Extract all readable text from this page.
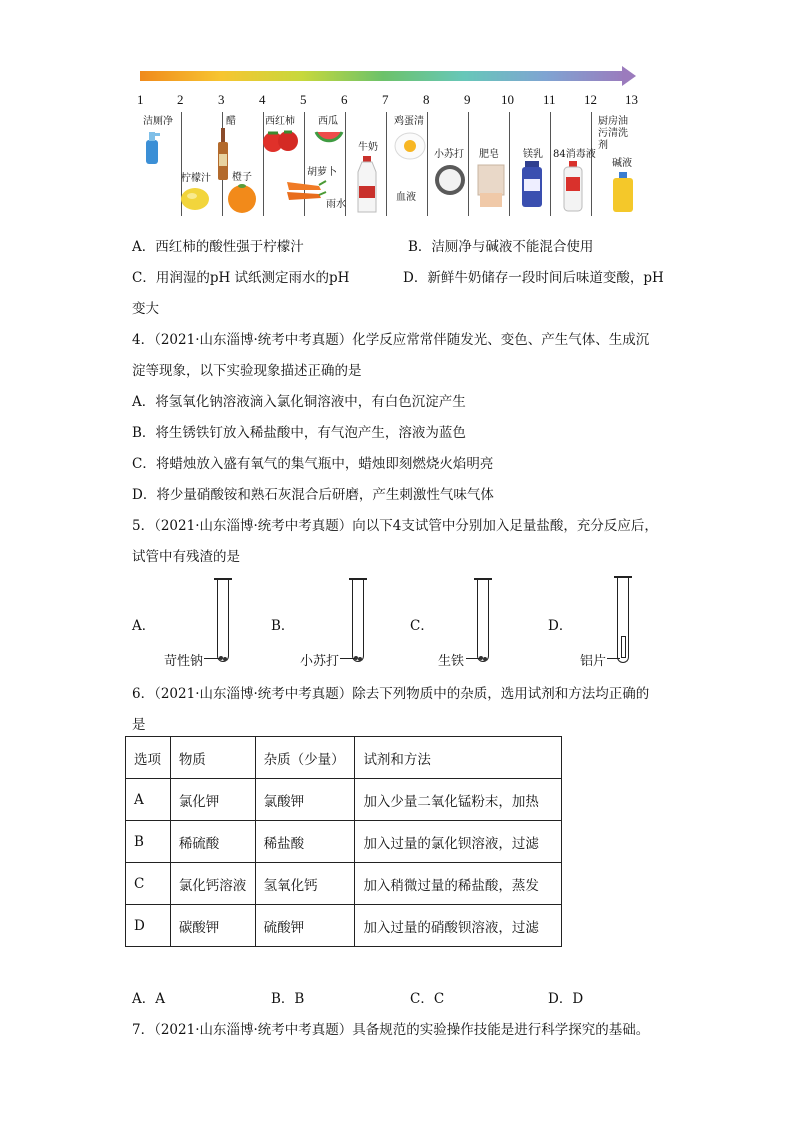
1	2	3	4	5	6	7	8	9 10 11 12 13
洁厕净
柠檬汁
醋
橙子
西红柿 西瓜
胡萝卜
雨水
牛奶
鸡蛋清
血液
小苏打 肥皂 镁乳 84消毒液
厨房油
污清洗
剂
碱液
A．西红柿的酸性强于柠檬汁	B．洁厕净与碱液不能混合使用
C．用润湿的pH 试纸测定雨水的pH	D．新鲜牛奶储存一段时间后味道变酸，pH
变大
4．（2021·山东淄博·统考中考真题）化学反应常常伴随发光、变色、产生气体、生成沉
淀等现象，以下实验现象描述正确的是
A．将氢氧化钠溶液滴入氯化铜溶液中，有白色沉淀产生
B．将生锈铁钉放入稀盐酸中，有气泡产生，溶液为蓝色
C．将蜡烛放入盛有氧气的集气瓶中，蜡烛即刻燃烧火焰明亮
D．将少量硝酸铵和熟石灰混合后研磨，产生刺激性气味气体
5．（2021·山东淄博·统考中考真题）向以下4支试管中分别加入足量盐酸，充分反应后，
试管中有残渣的是
A．	B．	C．	D．
苛性钠	小苏打	生铁	铝片
6．（2021·山东淄博·统考中考真题）除去下列物质中的杂质，选用试剂和方法均正确的
是
选项	物质	杂质（少量）	试剂和方法
A	氯化钾	氯酸钾	加入少量二氧化锰粉末，加热
B	稀硫酸	稀盐酸	加入过量的氯化钡溶液，过滤
C	氯化钙溶液	氢氧化钙	加入稍微过量的稀盐酸，蒸发
D	碳酸钾	硫酸钾	加入过量的硝酸钡溶液，过滤
A．A	B．B	C．C	D．D
7．（2021·山东淄博·统考中考真题）具备规范的实验操作技能是进行科学探究的基础。
